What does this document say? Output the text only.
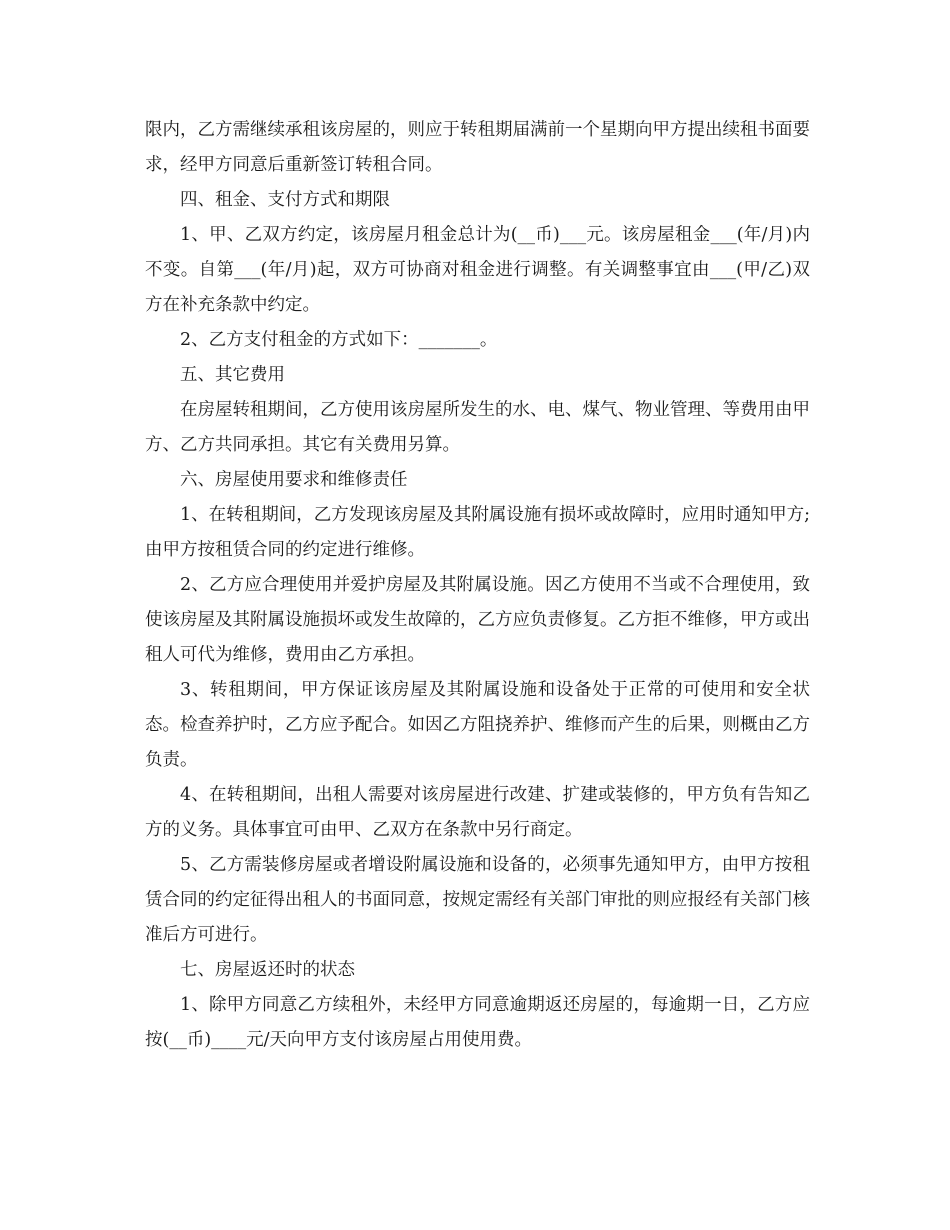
限内，乙方需继续承租该房屋的，则应于转租期届满前一个星期向甲方提出续租书面要求，经甲方同意后重新签订转租合同。

四、租金、支付方式和期限

1、甲、乙双方约定，该房屋月租金总计为(__币)___元。该房屋租金___(年/月)内不变。自第___(年/月)起，双方可协商对租金进行调整。有关调整事宜由___(甲/乙)双方在补充条款中约定。

2、乙方支付租金的方式如下：_______。

五、其它费用

在房屋转租期间，乙方使用该房屋所发生的水、电、煤气、物业管理、等费用由甲方、乙方共同承担。其它有关费用另算。

六、房屋使用要求和维修责任

1、在转租期间，乙方发现该房屋及其附属设施有损坏或故障时，应用时通知甲方;由甲方按租赁合同的约定进行维修。

2、乙方应合理使用并爱护房屋及其附属设施。因乙方使用不当或不合理使用，致使该房屋及其附属设施损坏或发生故障的，乙方应负责修复。乙方拒不维修，甲方或出租人可代为维修，费用由乙方承担。

3、转租期间，甲方保证该房屋及其附属设施和设备处于正常的可使用和安全状态。检查养护时，乙方应予配合。如因乙方阻挠养护、维修而产生的后果，则概由乙方负责。

4、在转租期间，出租人需要对该房屋进行改建、扩建或装修的，甲方负有告知乙方的义务。具体事宜可由甲、乙双方在条款中另行商定。

5、乙方需装修房屋或者增设附属设施和设备的，必须事先通知甲方，由甲方按租赁合同的约定征得出租人的书面同意，按规定需经有关部门审批的则应报经有关部门核准后方可进行。

七、房屋返还时的状态

1、除甲方同意乙方续租外，未经甲方同意逾期返还房屋的，每逾期一日，乙方应按(__币)____元/天向甲方支付该房屋占用使用费。
